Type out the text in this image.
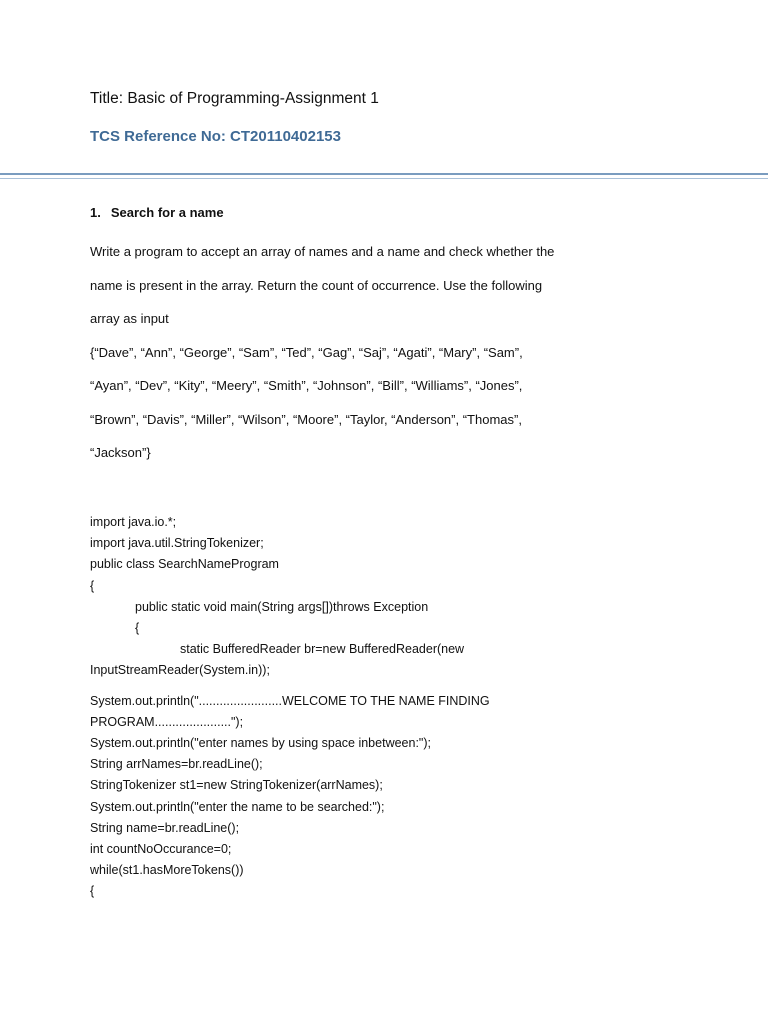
Title: Basic of Programming-Assignment 1
TCS Reference No: CT20110402153
1. Search for a name
Write a program to accept an array of names and a name and check whether the
name is present in the array. Return the count of occurrence. Use the following
array as input
{“Dave”, “Ann”, “George”, “Sam”, “Ted”, “Gag”, “Saj”, “Agati”, “Mary”, “Sam”,
“Ayan”, “Dev”, “Kity”, “Meery”, “Smith”, “Johnson”, “Bill”, “Williams”, “Jones”,
“Brown”, “Davis”, “Miller”, “Wilson”, “Moore”, “Taylor, “Anderson”, “Thomas”,
“Jackson”}
import java.io.*;
import java.util.StringTokenizer;
public class SearchNameProgram
{
public static void main(String args[])throws Exception
{
static BufferedReader br=new BufferedReader(new
InputStreamReader(System.in));
System.out.println("........................WELCOME TO THE NAME FINDING
PROGRAM......................");
System.out.println("enter names by using space inbetween:");
String arrNames=br.readLine();
StringTokenizer st1=new StringTokenizer(arrNames);
System.out.println("enter the name to be searched:");
String name=br.readLine();
int countNoOccurance=0;
while(st1.hasMoreTokens())
{
